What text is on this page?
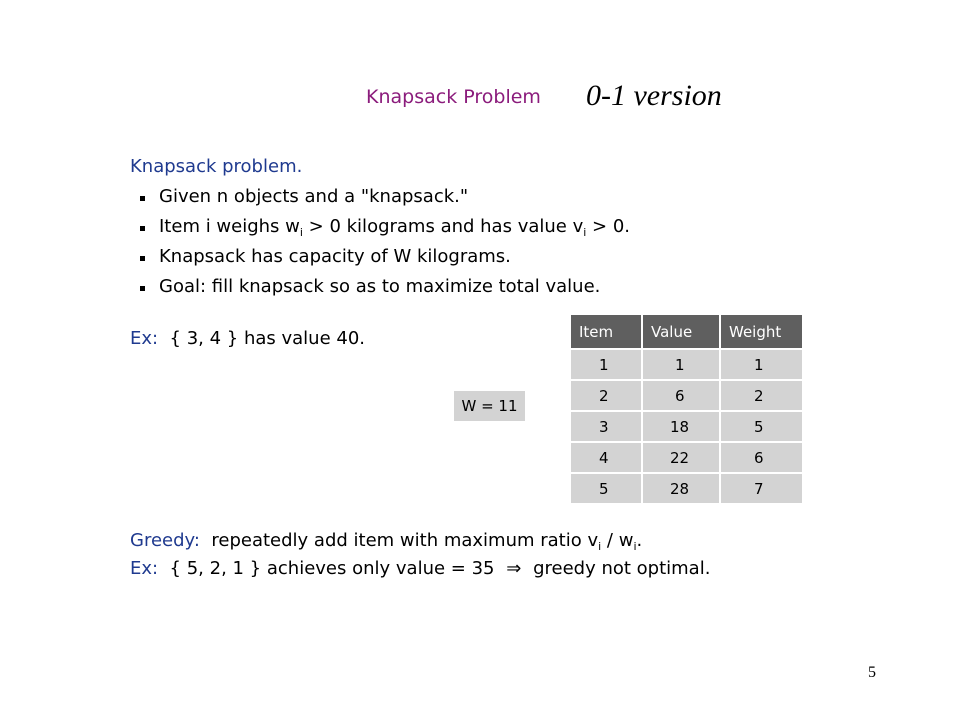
Knapsack Problem 0-1 version
Knapsack problem.
Given n objects and a "knapsack."
Item i weighs $w_i > 0$ kilograms and has value $v_i > 0$.
Knapsack has capacity of W kilograms.
Goal: fill knapsack so as to maximize total value.
Ex: { 3, 4 } has value 40.
W = 11
Item	Value	Weight
1	1	1
2	6	2
3	18	5
4	22	6
5	28	7
Greedy: repeatedly add item with maximum ratio $v_i / w_i$.
Ex: { 5, 2, 1 } achieves only value = 35 ⇒ greedy not optimal.
5
